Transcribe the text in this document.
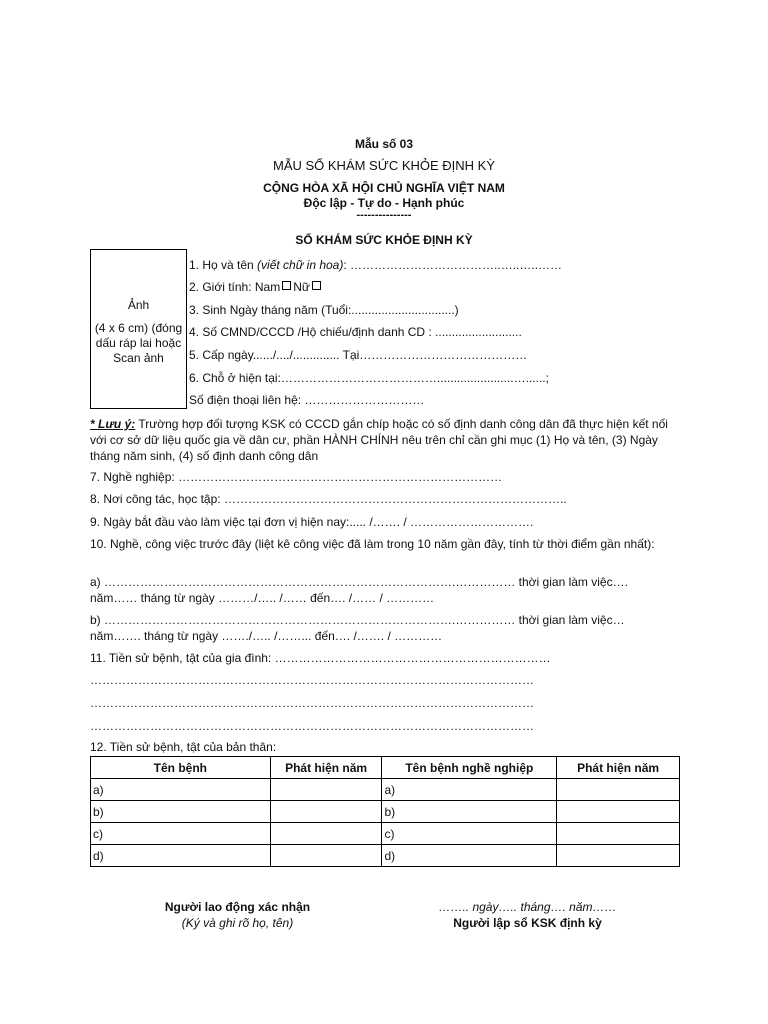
Mẫu số 03
MẪU SỔ KHÁM SỨC KHỎE ĐỊNH KỲ
CỘNG HÒA XÃ HỘI CHỦ NGHĨA VIỆT NAM
Độc lập - Tự do - Hạnh phúc
---------------
SỔ KHÁM SỨC KHỎE ĐỊNH KỲ
Ảnh
(4 x 6 cm) (đóng dấu ráp lai hoặc Scan ảnh
1. Họ và tên (viết chữ in hoa): ………………………………..…..…..……
2. Giới tính: Nam Nữ
3. Sinh Ngày tháng năm (Tuổi:...............................)
4. Số CMND/CCCD /Hộ chiếu/định danh CD : ..........................
5. Cấp ngày....../..../.............. Tại……………………………………
6. Chỗ ở hiện tại:………………………………….......................…......;
Số điện thoại liên hệ: …………………………
* Lưu ý: Trường hợp đối tượng KSK có CCCD gắn chíp hoặc có số định danh công dân đã thực hiện kết nối với cơ sở dữ liệu quốc gia về dân cư, phần HÀNH CHÍNH nêu trên chỉ cần ghi mục (1) Họ và tên, (3) Ngày tháng năm sinh, (4) số định danh công dân
7. Nghề nghiệp: ………………………………………………………………………
8. Nơi công tác, học tập: …………………………………………………………………………..
9. Ngày bắt đầu vào làm việc tại đơn vị hiện nay:..... /……. / ………………………….
10. Nghề, công việc trước đây (liệt kê công việc đã làm trong 10 năm gần đây, tính từ thời điểm gần nhất):
a) …………………………………………………………………………….…………… thời gian làm việc…. năm…… tháng từ ngày ………/….. /…… đến…. /…… / …………
b) …………………………………………………………………………….…………… thời gian làm việc… năm……. tháng từ ngày ……./….. /……... đến…. /……. / …………
11. Tiền sử bệnh, tật của gia đình: ……………………………………………………………
…………………………………………………………………………………………………
…………………………………………………………………………………………………
…………………………………………………………………………………………………
12. Tiền sử bệnh, tật của bản thân:
Tên bệnh	Phát hiện năm	Tên bệnh nghề nghiệp	Phát hiện năm
a)		a)	
b)		b)	
c)		c)	
d)		d)	
Người lao động xác nhận
(Ký và ghi rõ họ, tên)
…….. ngày….. tháng…. năm……
Người lập sổ KSK định kỳ
